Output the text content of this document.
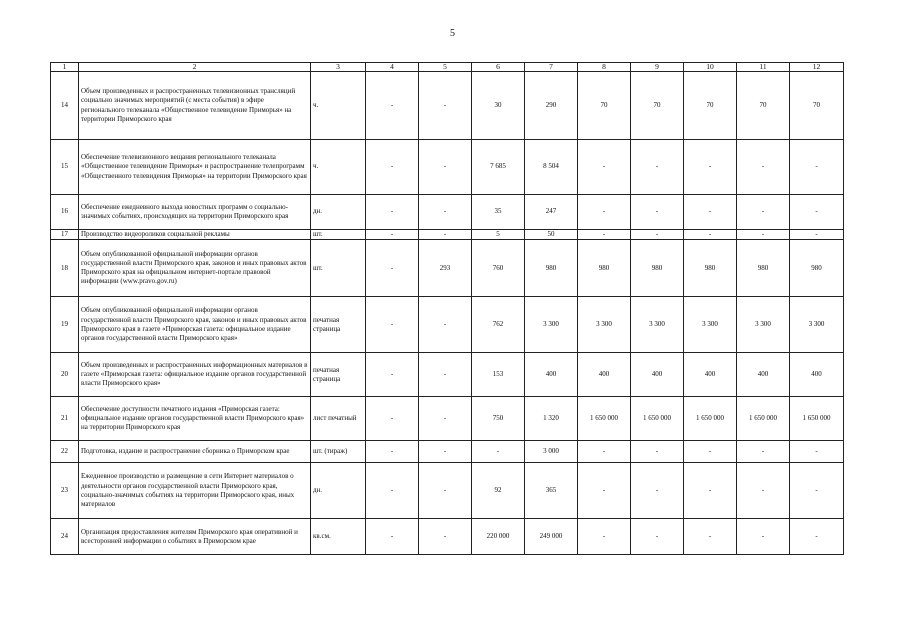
5
1	2	3	4	5	6	7	8	9	10	11	12
14	Объем произведенных и распространенных телевизионных трансляций социально значимых мероприятий (с места события) в эфире регионального телеканала «Общественное телевидение Приморья» на территории Приморского края	ч.	-	-	30	290	70	70	70	70	70
15	Обеспечение телевизионного вещания регионального телеканала «Общественное телевидение Приморья» и распространение телепрограмм «Общественного телевидения Приморья» на территории Приморского края	ч.	-	-	7 685	8 504	-	-	-	-	-
16	Обеспечение ежедневного выхода новостных программ о социально-значимых событиях, происходящих на территории Приморского края	дн.	-	-	35	247	-	-	-	-	-
17	Производство видеороликов социальной рекламы	шт.	-	-	5	50	-	-	-	-	-
18	Объем опубликованной официальной информации органов государственной власти Приморского края, законов и иных правовых актов Приморского края на официальном интернет-портале правовой информации (www.pravo.gov.ru)	шт.	-	293	760	980	980	980	980	980	980
19	Объем опубликованной официальной информации органов государственной власти Приморского края, законов и иных правовых актов Приморского края в газете «Приморская газета: официальное издание органов государственной власти Приморского края»	печатная страница	-	-	762	3 300	3 300	3 300	3 300	3 300	3 300
20	Объем произведенных и распространенных информационных материалов в газете «Приморская газета: официальное издание органов государственной власти Приморского края»	печатная страница	-	-	153	400	400	400	400	400	400
21	Обеспечение доступности печатного издания «Приморская газета: официальное издание органов государственной власти Приморского края» на территории Приморского края	лист печатный	-	-	750	1 320	1 650 000	1 650 000	1 650 000	1 650 000	1 650 000
22	Подготовка, издание и распространение сборника о Приморском крае	шт. (тираж)	-	-	-	3 000	-	-	-	-	-
23	Ежедневное производство и размещение в сети Интернет материалов о деятельности органов государственной власти Приморского края, социально-значимых событиях на территории Приморского края, иных материалов	дн.	-	-	92	365	-	-	-	-	-
24	Организация предоставления жителям Приморского края оперативной и всесторонней информации о событиях в Приморском крае	кв.см.	-	-	220 000	249 000	-	-	-	-	-
